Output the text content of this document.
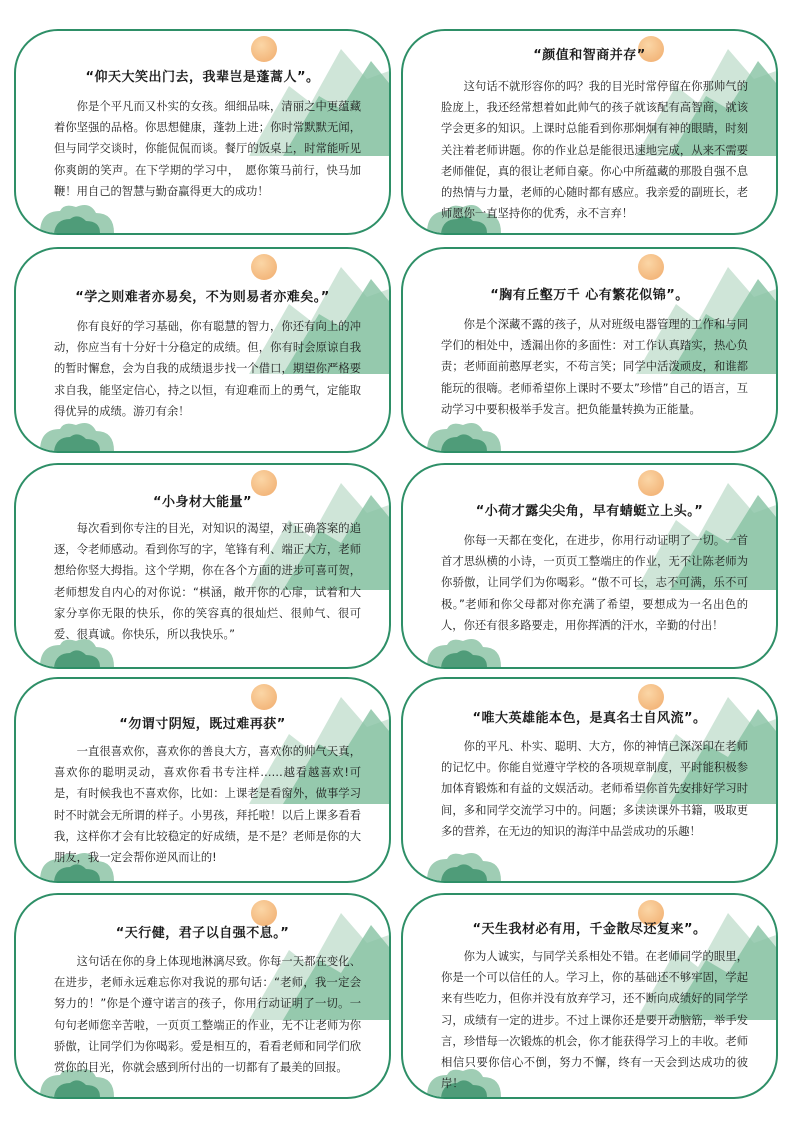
“仰天大笑出门去，我辈岂是蓬蒿人”。
你是个平凡而又朴实的女孩。细细品味，清丽之中更蕴藏着你坚强的品格。你思想健康，蓬勃上进；你时常默默无闻，但与同学交谈时，你能侃侃而谈。餐厅的饭桌上，时常能听见你爽朗的笑声。在下学期的学习中，　愿你策马前行，快马加鞭！用自己的智慧与勤奋赢得更大的成功！
“颜值和智商并存”
这句话不就形容你的吗？我的目光时常停留在你那帅气的脸庞上，我还经常想着如此帅气的孩子就该配有高智商，就该学会更多的知识。上课时总能看到你那炯炯有神的眼睛，时刻关注着老师讲题。你的作业总是能很迅速地完成，从来不需要老师催促，真的很让老师自豪。你心中所蕴藏的那股自强不息的热情与力量，老师的心随时都有感应。我亲爱的副班长，老师愿你一直坚持你的优秀，永不言弃！
“学之则难者亦易矣，不为则易者亦难矣。”
你有良好的学习基础，你有聪慧的智力，你还有向上的冲动，你应当有十分好十分稳定的成绩。但，你有时会原谅自我的暂时懈怠，会为自我的成绩退步找一个借口，期望你严格要求自我，能坚定信心，持之以恒，有迎难而上的勇气，定能取得优异的成绩。游刃有余！
“胸有丘壑万千 心有繁花似锦”。
你是个深藏不露的孩子，从对班级电器管理的工作和与同学们的相处中，透漏出你的多面性：对工作认真踏实，热心负责；老师面前憨厚老实，不苟言笑；同学中活泼顽皮，和谁都能玩的很嗨。老师希望你上课时不要太”珍惜”自己的语言，互动学习中要积极举手发言。把负能量转换为正能量。
“小身材大能量”
每次看到你专注的目光，对知识的渴望，对正确答案的追逐，令老师感动。看到你写的字，笔锋有利、端正大方，老师想给你竖大拇指。这个学期，你在各个方面的进步可喜可贺，老师想发自内心的对你说：“棋涵，敞开你的心扉，试着和大家分享你无限的快乐，你的笑容真的很灿烂、很帅气、很可爱、很真诚。你快乐，所以我快乐。”
“小荷才露尖尖角，早有蜻蜓立上头。”
你每一天都在变化，在进步，你用行动证明了一切。一首首才思纵横的小诗，一页页工整端庄的作业，无不让陈老师为你骄傲，让同学们为你喝彩。“傲不可长，志不可满，乐不可极。”老师和你父母都对你充满了希望，要想成为一名出色的人，你还有很多路要走，用你挥洒的汗水，辛勤的付出！
“勿谓寸阴短，既过难再获”
一直很喜欢你，喜欢你的善良大方，喜欢你的帅气天真，喜欢你的聪明灵动，喜欢你看书专注样……越看越喜欢!可是，有时候我也不喜欢你，比如：上课老是看窗外，做事学习时不时就会无所谓的样子。小男孩，拜托啦！以后上课多看看我，这样你才会有比较稳定的好成绩，是不是？老师是你的大朋友，我一定会帮你逆风而让的!
“唯大英雄能本色，是真名士自风流”。
你的平凡、朴实、聪明、大方，你的神情已深深印在老师的记忆中。你能自觉遵守学校的各项规章制度，平时能积极参加体育锻炼和有益的文娱活动。老师希望你首先安排好学习时间，多和同学交流学习中的。问题；多读读课外书籍，吸取更多的营养，在无边的知识的海洋中品尝成功的乐趣！
“天行健，君子以自强不息。”
这句话在你的身上体现地淋漓尽致。你每一天都在变化、在进步，老师永远难忘你对我说的那句话：“老师，我一定会努力的！”你是个遵守诺言的孩子，你用行动证明了一切。一句句老师您辛苦啦，一页页工整端正的作业，无不让老师为你骄傲，让同学们为你喝彩。爱是相互的，看看老师和同学们欣赏你的目光，你就会感到所付出的一切都有了最美的回报。
“天生我材必有用，千金散尽还复来”。
你为人诚实，与同学关系相处不错。在老师同学的眼里，你是一个可以信任的人。学习上，你的基础还不够牢固，学起来有些吃力，但你并没有放弃学习，还不断向成绩好的同学学习，成绩有一定的进步。不过上课你还是要开动脑筋，举手发言，珍惜每一次锻炼的机会，你才能获得学习上的丰收。老师相信只要你信心不倒，努力不懈，终有一天会到达成功的彼岸！
